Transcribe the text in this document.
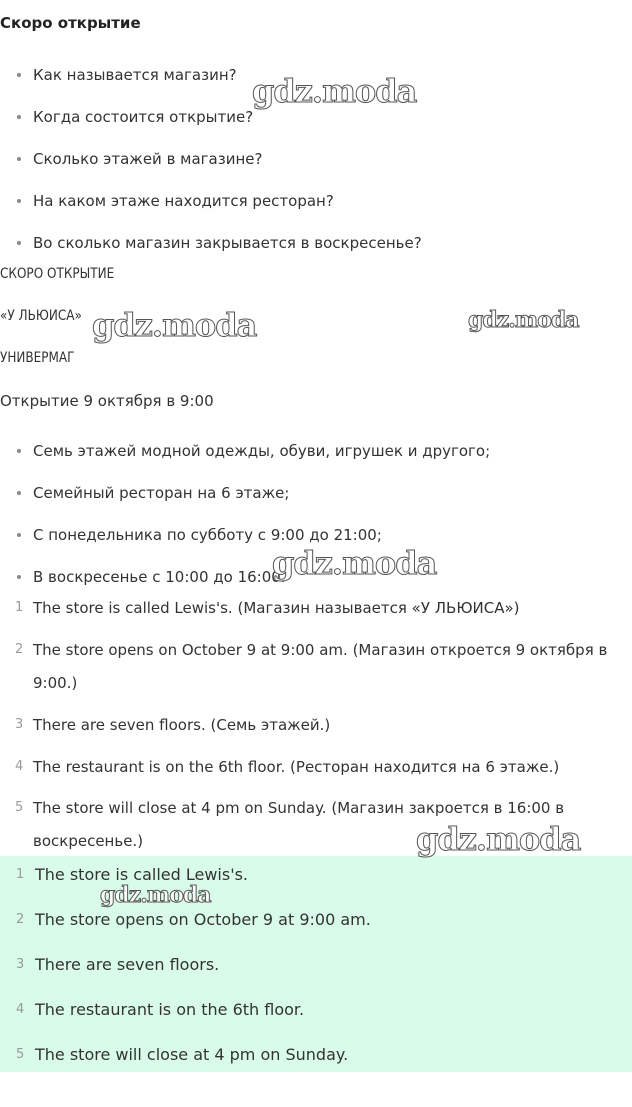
Скоро открытие
Как называется магазин?
Когда состоится открытие?
Сколько этажей в магазине?
На каком этаже находится ресторан?
Во сколько магазин закрывается в воскресенье?
СКОРО ОТКРЫТИЕ
«У ЛЬЮИСА»
УНИВЕРМАГ
Открытие 9 октября в 9:00
Семь этажей модной одежды, обуви, игрушек и другого;
Семейный ресторан на 6 этаже;
С понедельника по субботу с 9:00 до 21:00;
В воскресенье с 10:00 до 16:00.
1 The store is called Lewis's. (Магазин называется «У ЛЬЮИСА»)
2 The store opens on October 9 at 9:00 am. (Магазин откроется 9 октября в
9:00.)
3 There are seven floors. (Семь этажей.)
4 The restaurant is on the 6th floor. (Ресторан находится на 6 этаже.)
5 The store will close at 4 pm on Sunday. (Магазин закроется в 16:00 в
воскресенье.)
1 The store is called Lewis's.
2 The store opens on October 9 at 9:00 am.
3 There are seven floors.
4 The restaurant is on the 6th floor.
5 The store will close at 4 pm on Sunday.
gdz.moda
gdz.moda	gdz.moda
gdz.moda
gdz.moda
gdz.moda
